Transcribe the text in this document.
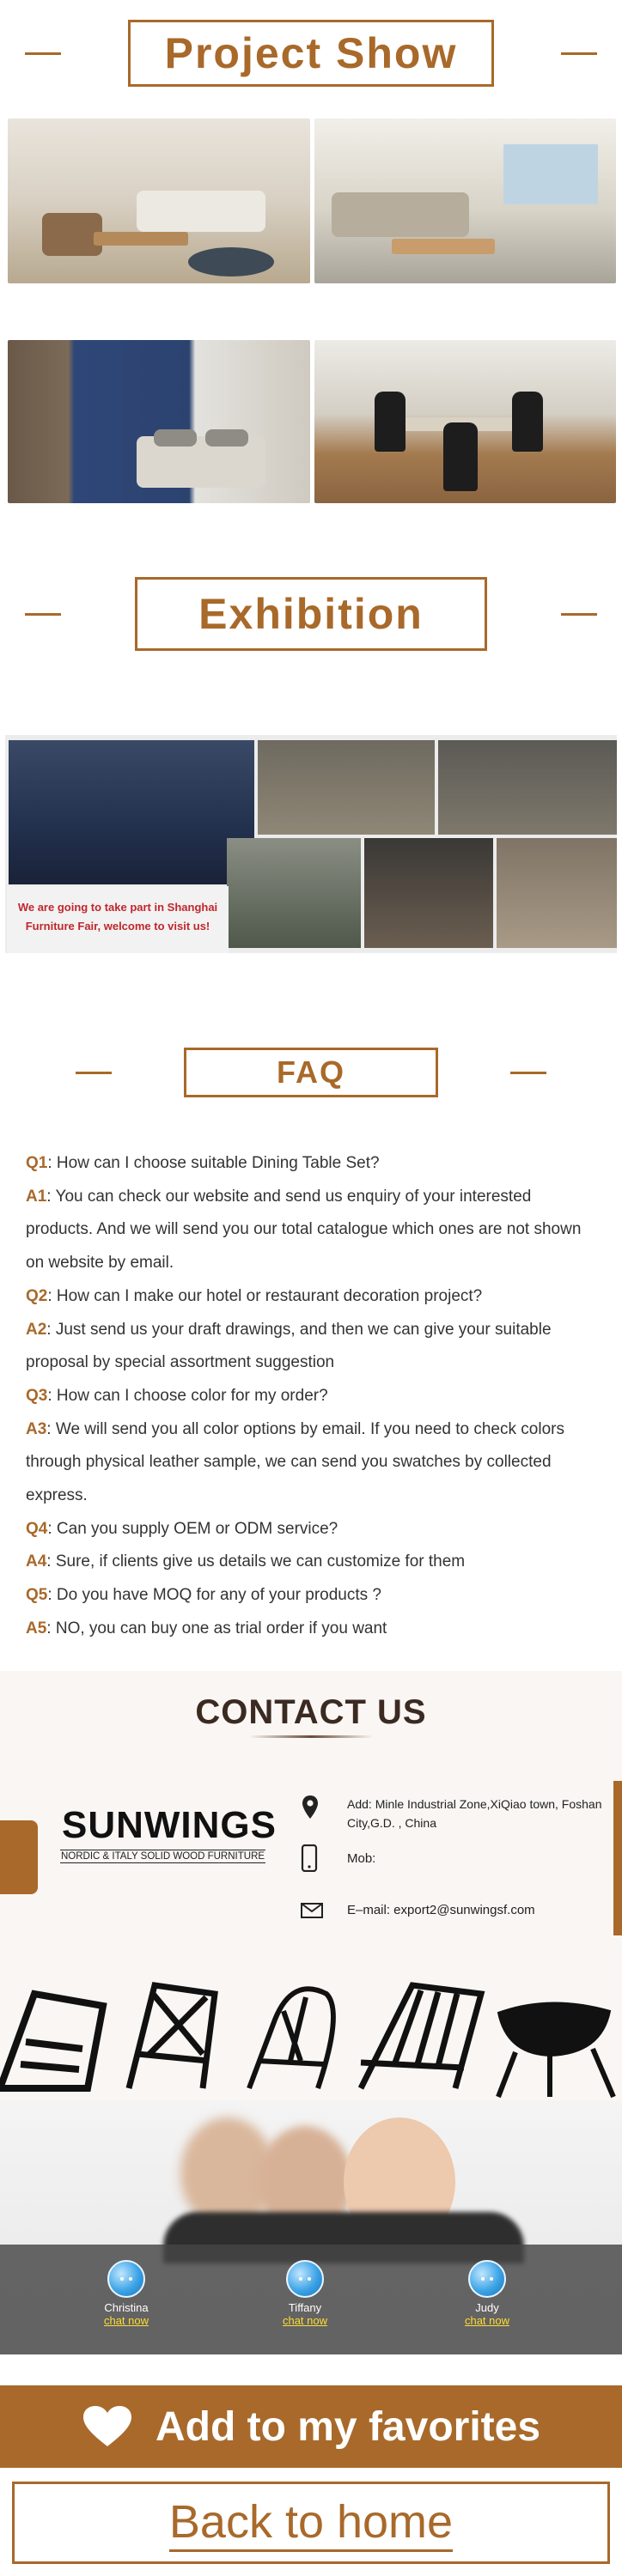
Project Show
Exhibition
We are going to take part in Shanghai Furniture Fair, welcome to visit us!
FAQ

Q1: How can I choose suitable Dining Table Set?

A1: You can check our website and send us enquiry of your interested products. And we will send you our total catalogue which ones are not shown on website by email.

Q2: How can I make our hotel or restaurant decoration project?

A2: Just send us your draft drawings, and then we can give your suitable proposal by special assortment suggestion

Q3: How can I choose color for my order?

A3: We will send you all color options by email. If you need to check colors through physical leather sample, we can send you swatches by collected express.

Q4: Can you supply OEM or ODM service?

A4: Sure, if clients give us details we can customize for them

Q5: Do you have MOQ for any of your products ?

A5: NO, you can buy one as trial order if you want

CONTACT US
SUNWINGS
NORDIC & ITALY SOLID WOOD FURNITURE
Add: Minle Industrial Zone,XiQiao town, Foshan City,G.D. , China
Mob:
E–mail: export2@sunwingsf.com
Christina
chat now
Tiffany
chat now
Judy
chat now
Add to my favorites
Back to home
